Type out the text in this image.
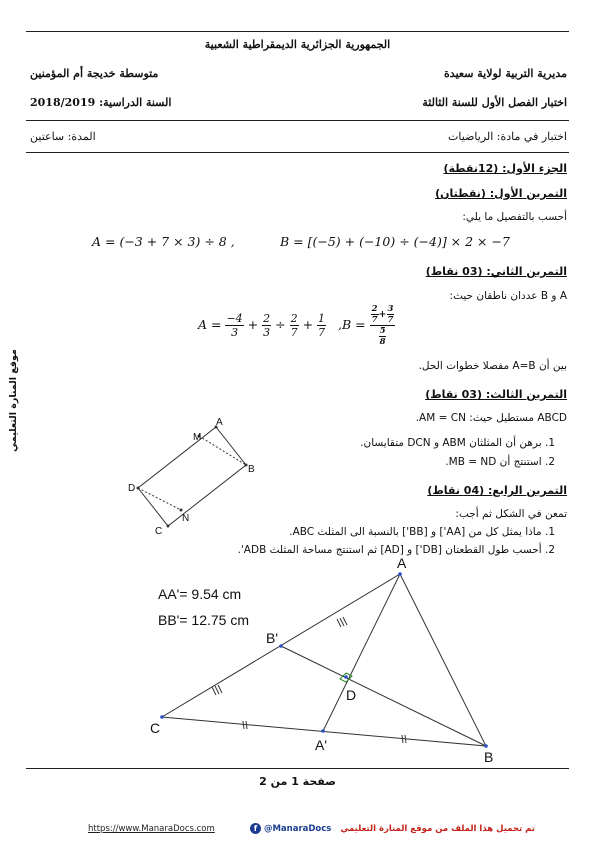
موقع المنارة التعليمي
الجمهورية الجزائرية الديمقراطية الشعبية
مديرية التربية لولاية سعيدة
متوسطة خديجة أم المؤمنين
اختبار الفصل الأول للسنة الثالثة
السنة الدراسية: 2018/2019
اختبار في مادة: الرياضيات
المدة: ساعتين
الجزء الأول: (12نقطة)
التمرين الأول: (نقطتان)
أحسب بالتفصيل ما يلي:
A = (−3 + 7 × 3) ÷ 8 ,	B = [(−5) + (−10) ÷ (−4)] × 2 × −7
التمرين الثاني: (03 نقاط)
A و B عددان ناطقان حيث:
$A = \frac{-4}{3} + \frac{2}{3} \div \frac{2}{7} + \frac{1}{7}$ , $B = \frac{\frac{2}{7} + \frac{3}{7}}{\frac{5}{8}}$
بين أن A=B مفصلا خطوات الحل.
التمرين الثالث: (03 نقاط)
ABCD مستطيل حيث: AM = CN.
1. برهن أن المثلثان ABM و DCN متقايسان.
2. استنتج أن MB = ND.
A
M
B
D
C
N
التمرين الرابع: (04 نقاط)
تمعن في الشكل ثم أجب:
1. ماذا يمثل كل من [AA'] و [BB'] بالنسبة الى المثلث ABC.
2. أحسب طول القطعتان [DB'] و [AD] ثم استنتج مساحة المثلث ADB'.
A
B
C
B'
A'
D
AA'= 9.54 cm
BB'= 12.75 cm
صفحة 1 من 2
تم تحميل هذا الملف من موقع المنارة التعليمي
f @ManaraDocs
https://www.ManaraDocs.com
